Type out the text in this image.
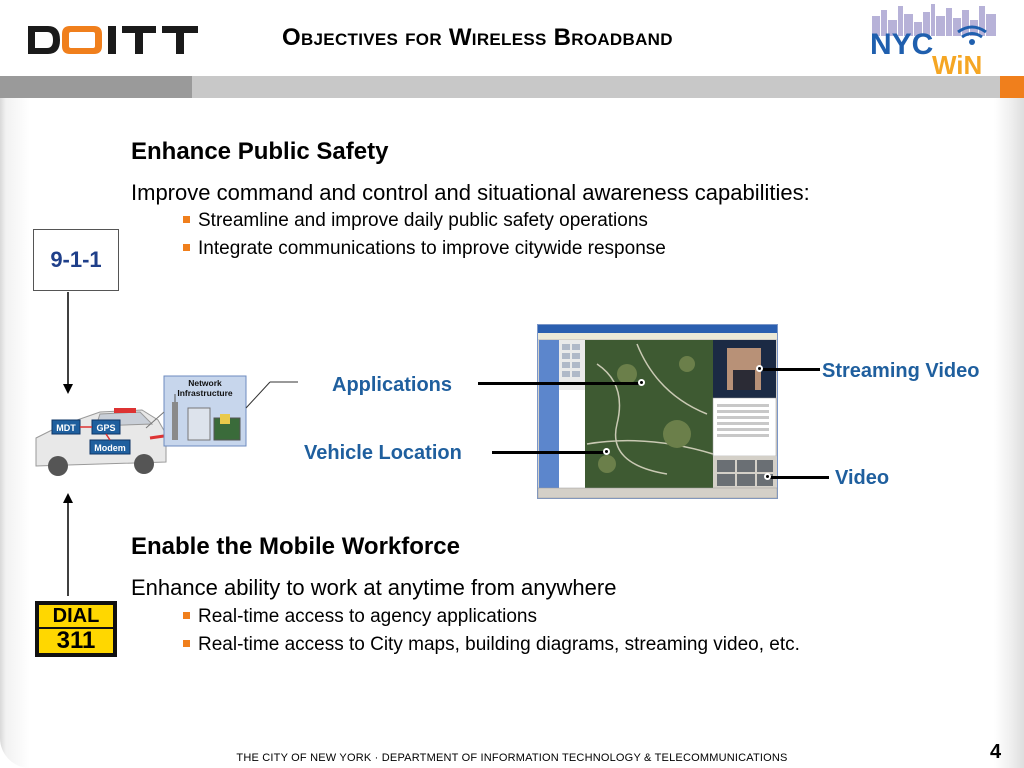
Objectives for Wireless Broadband	NYC
WiN
Enhance Public Safety
Improve command and control and situational awareness capabilities:
Streamline and improve daily public safety operations
Integrate communications to improve citywide response
9-1-1
DIAL
311
MDT GPS
Modem
Network
Infrastructure	Applications
Vehicle Location
Streaming Video
Video
Enable the Mobile Workforce
Enhance ability to work at anytime from anywhere
Real-time access to agency applications
Real-time access to City maps, building diagrams, streaming video, etc.
THE CITY OF NEW YORK · DEPARTMENT OF INFORMATION TECHNOLOGY & TELECOMMUNICATIONS	4
